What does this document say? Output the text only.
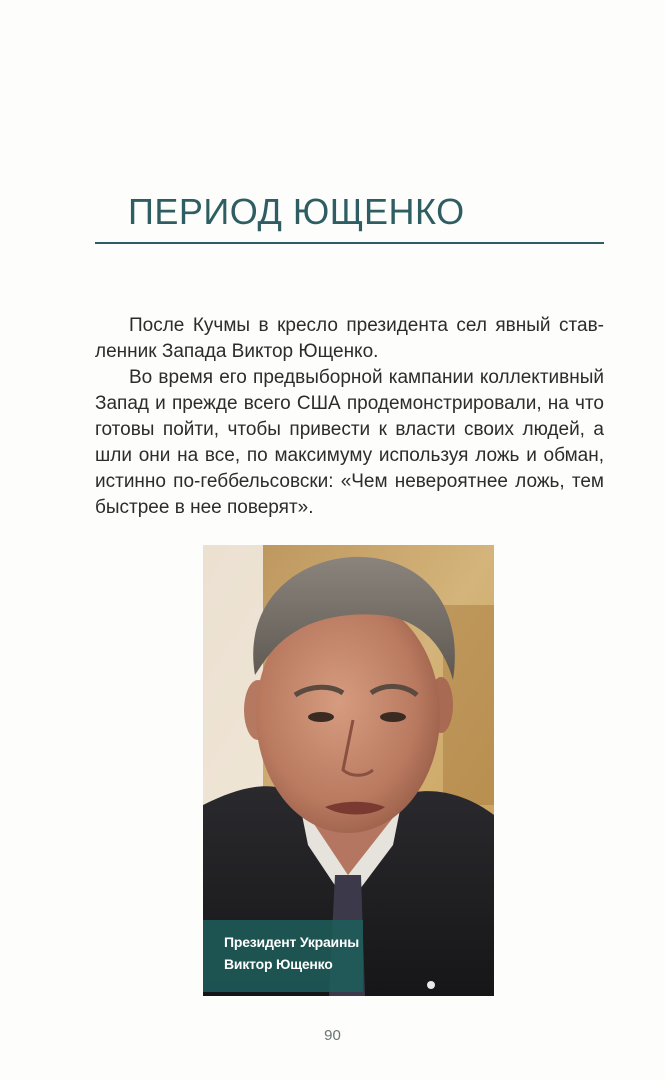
ПЕРИОД ЮЩЕНКО

После Кучмы в кресло президента сел явный став-ленник Запада Виктор Ющенко.

Во время его предвыборной кампании коллективный Запад и прежде всего США продемонстрировали, на что готовы пойти, чтобы привести к власти своих людей, а шли они на все, по максимуму используя ложь и обман, истинно по-геббельсовски: «Чем невероятнее ложь, тем быстрее в нее поверят».

Президент Украины
Виктор Ющенко
90
